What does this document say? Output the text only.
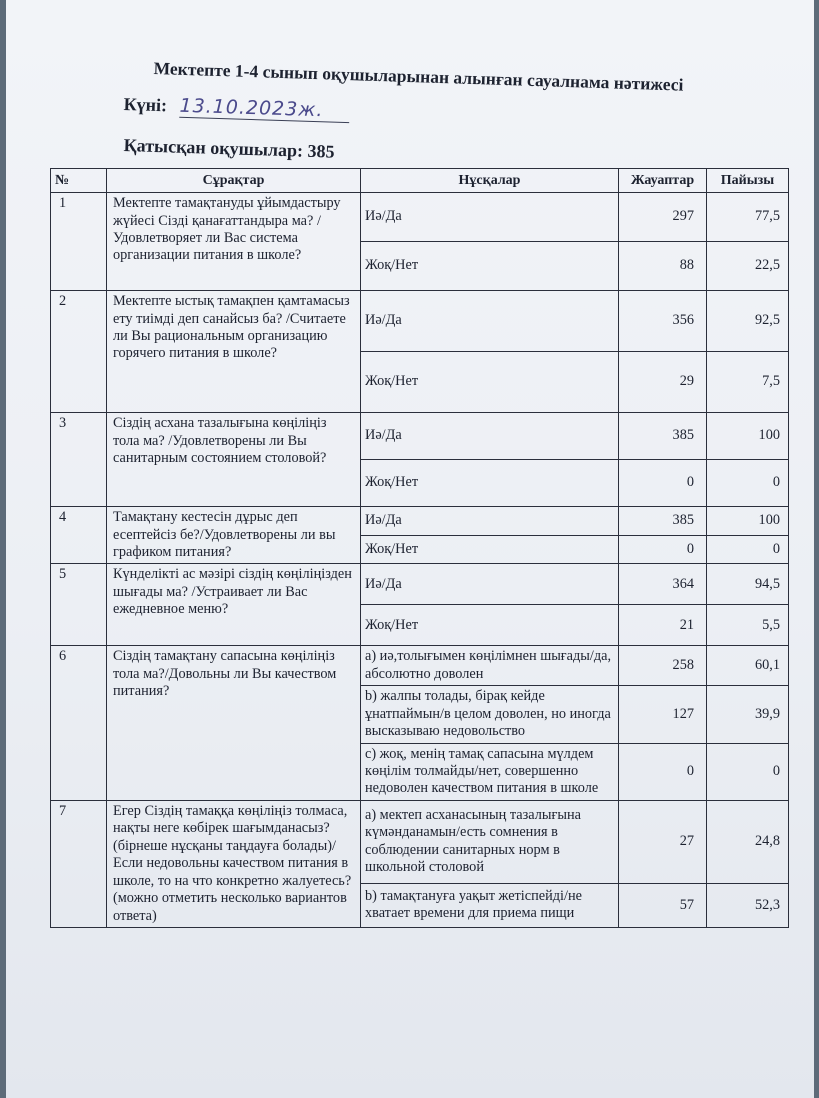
Мектепте 1-4 сынып оқушыларынан алынған сауалнама нәтижесі
Күні: 13.10.2023ж.
Қатысқан оқушылар: 385
№	Сұрақтар	Нұсқалар	Жауаптар	Пайызы
1	Мектепте тамақтануды ұйымдастыру жүйесі Сізді қанағаттандыра ма? /Удовлетворяет ли Вас система организации питания в школе?	Иә/Да	297	77,5
		Жоқ/Нет	88	22,5
2	Мектепте ыстық тамақпен қамтамасыз ету тиімді деп санайсыз ба? /Считаете ли Вы рациональным организацию горячего питания в школе?	Иә/Да	356	92,5
		Жоқ/Нет	29	7,5
3	Сіздің асхана тазалығына көңіліңіз тола ма? /Удовлетворены ли Вы санитарным состоянием столовой?	Иә/Да	385	100
		Жоқ/Нет	0	0
4	Тамақтану кестесін дұрыс деп есептейсіз бе?/Удовлетворены ли вы графиком питания?	Иә/Да	385	100
		Жоқ/Нет	0	0
5	Күнделікті ас мәзірі сіздің көңіліңізден шығады ма? /Устраивает ли Вас ежедневное меню?	Иә/Да	364	94,5
		Жоқ/Нет	21	5,5
6	Сіздің тамақтану сапасына көңіліңіз тола ма?/Довольны ли Вы качеством питания?	а) иә,толығымен көңілімнен шығады/да, абсолютно доволен	258	60,1
		b) жалпы толады, бірақ кейде ұнатпаймын/в целом доволен, но иногда высказываю недовольство	127	39,9
		c) жоқ, менің тамақ сапасына мүлдем көңілім толмайды/нет, совершенно недоволен качеством питания в школе	0	0
7	Егер Сіздің тамаққа көңіліңіз толмаса, нақты неге көбірек шағымданасыз?(бірнеше нұсқаны таңдауға болады)/Если недовольны качеством питания в школе, то на что конкретно жалуетесь?(можно отметить несколько вариантов ответа)	а) мектеп асханасының тазалығына күмәнданамын/есть сомнения в соблюдении санитарных норм в школьной столовой	27	24,8
		b) тамақтануға уақыт жетіспейді/не хватает времени для приема пищи	57	52,3
